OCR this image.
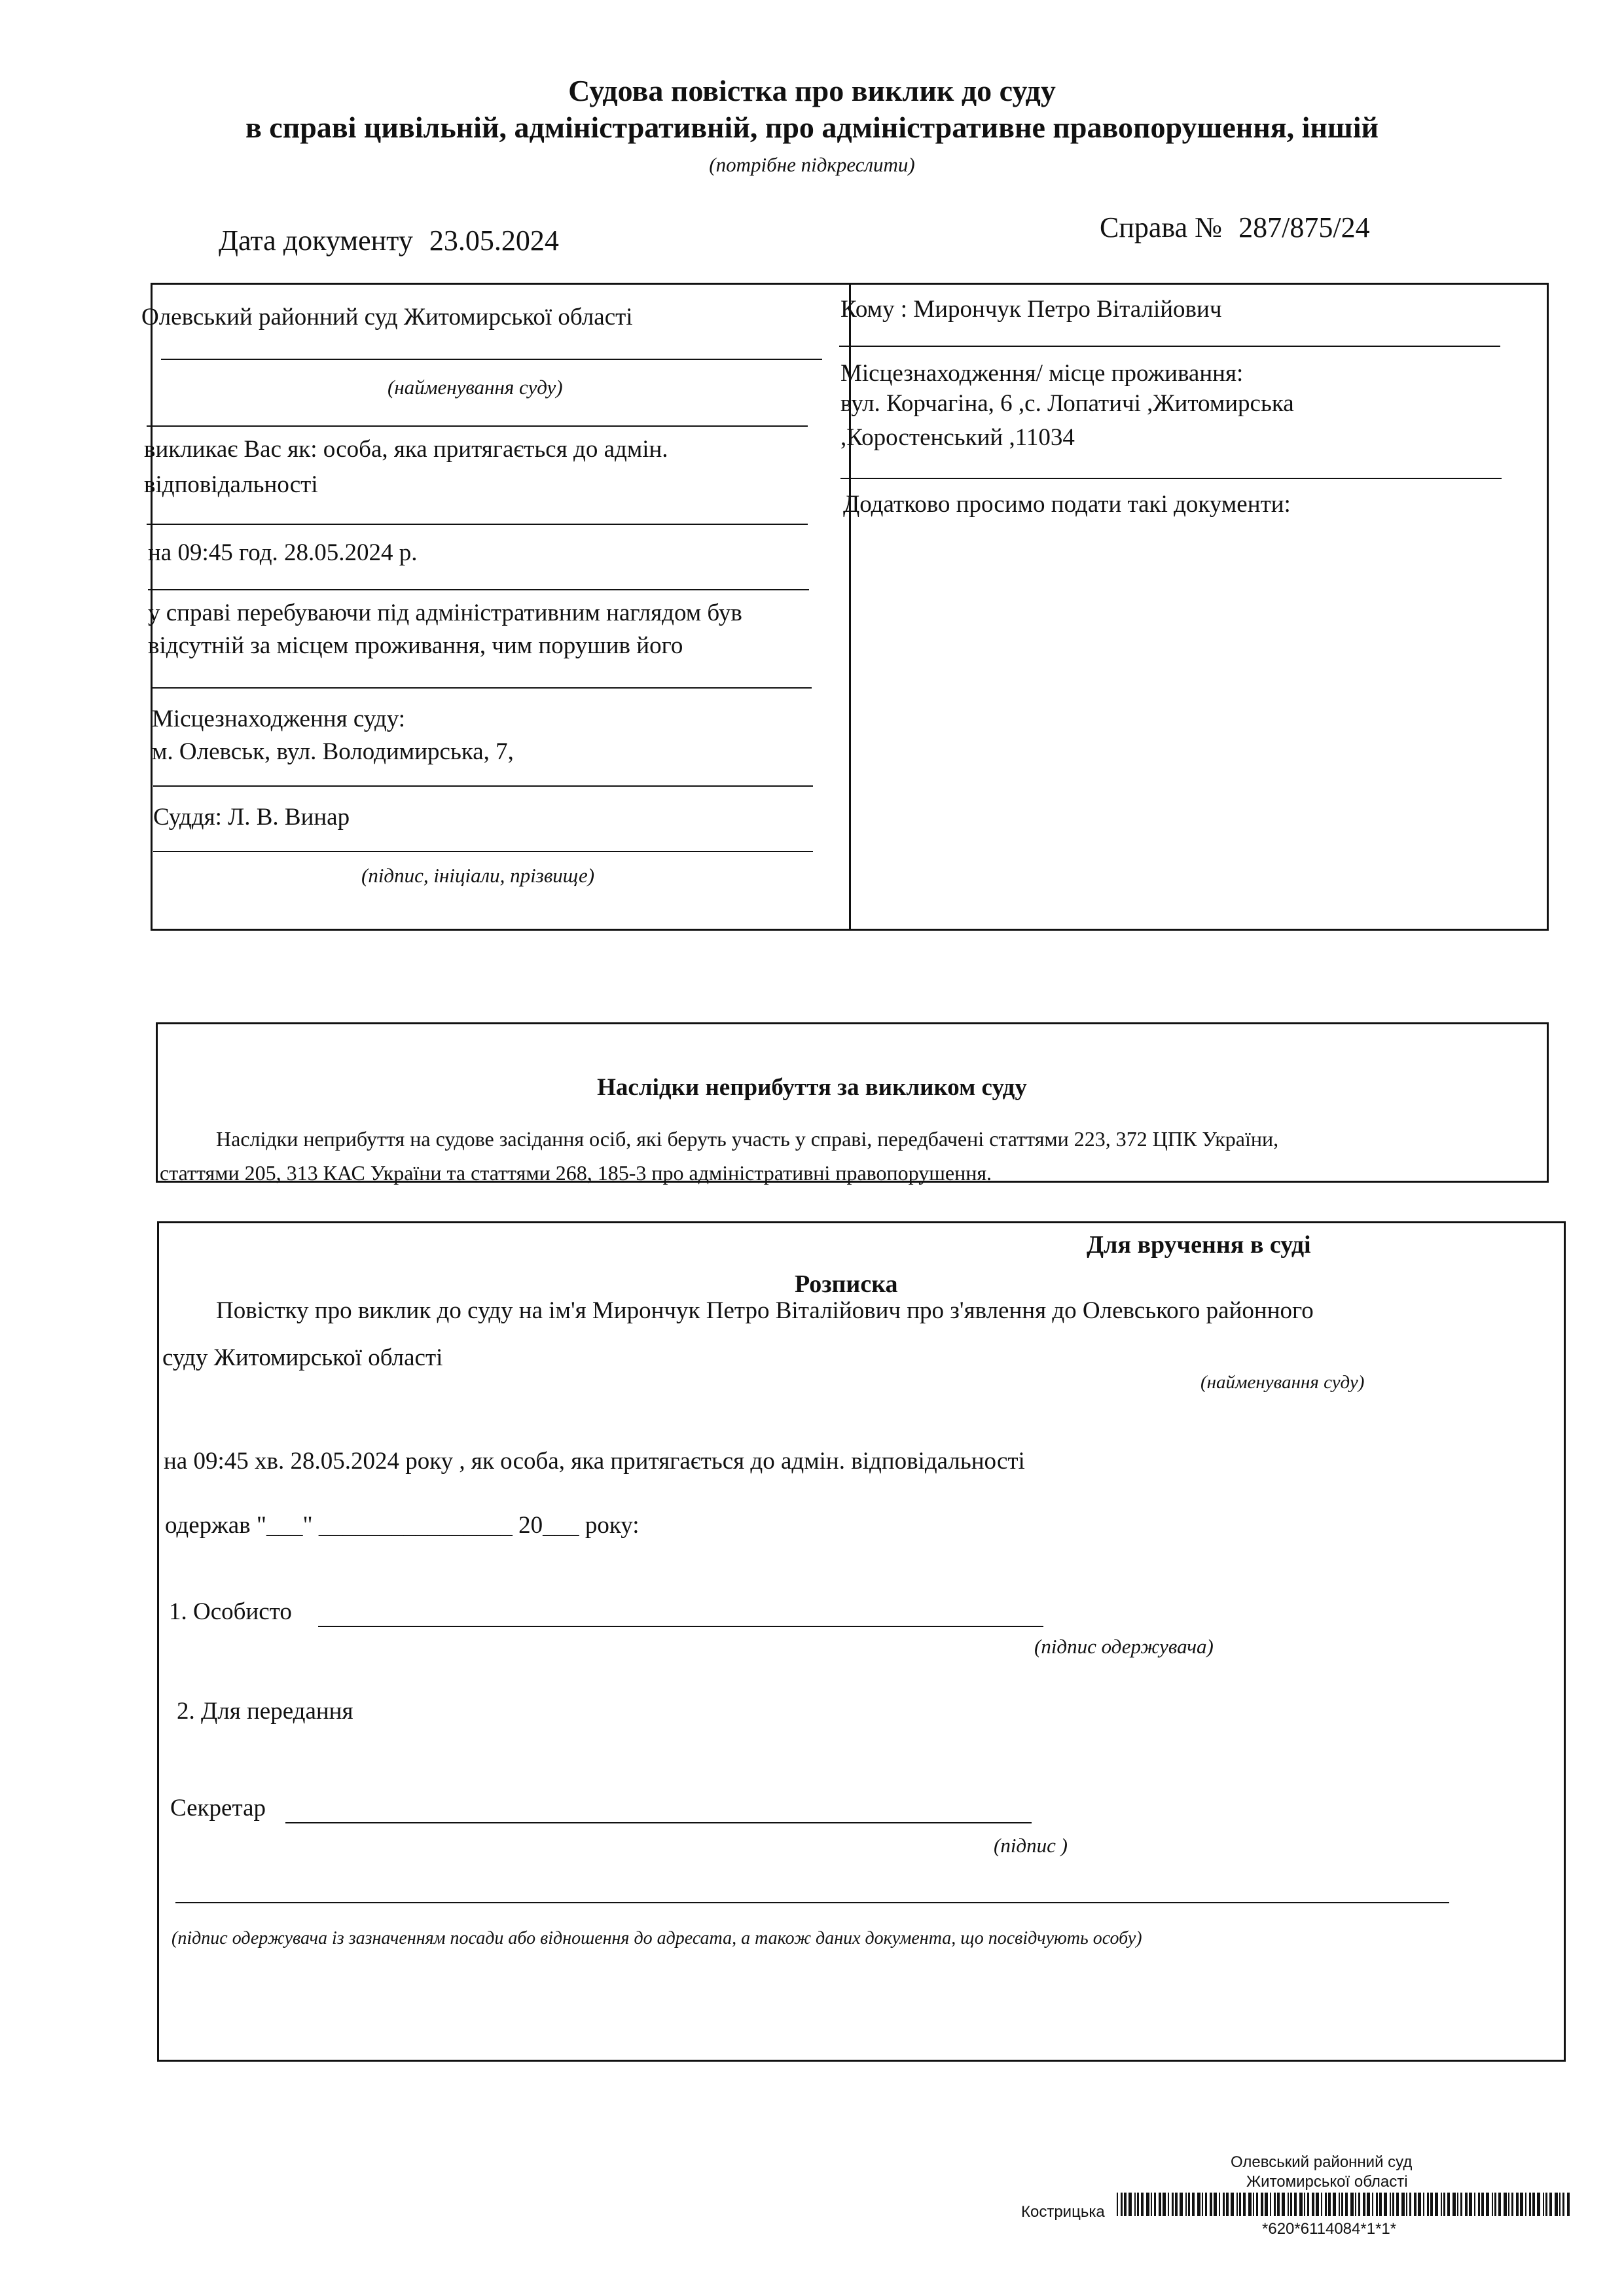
Судова повістка про виклик до суду
в справі цивільній, адміністративній, про адміністративне правопорушення, іншій
(потрібне підкреслити)
Дата документу 23.05.2024	Справа № 287/875/24
Олевський районний суд Житомирської області
(найменування суду)
викликає Вас як: особа, яка притягається до адмін.
відповідальності
на 09:45 год. 28.05.2024 р.
у справі перебуваючи під адміністративним наглядом був
відсутній за місцем проживання, чим порушив його
Місцезнаходження суду:
м. Олевськ, вул. Володимирська, 7,
Суддя: Л. В. Винар
(підпис, ініціали, прізвище)
Кому : Мирончук Петро Віталійович
Місцезнаходження/ місце проживання:
вул. Корчагіна, 6 ,с. Лопатичі ,Житомирська
,Коростенський ,11034
Додатково просимо подати такі документи:
Наслідки неприбуття за викликом суду
Наслідки неприбуття на судове засідання осіб, які беруть участь у справі, передбачені статтями 223, 372 ЦПК України,
статтями 205, 313 КАС України та статтями 268, 185-3 про адміністративні правопорушення.
Для вручення в суді
Розписка
Повістку про виклик до суду на ім'я Мирончук Петро Віталійович про з'явлення до Олевського районного
суду Житомирської області
(найменування суду)
на 09:45 хв. 28.05.2024 року , як особа, яка притягається до адмін. відповідальності
одержав "___" ________________ 20___ року:
1. Особисто
(підпис одержувача)
2. Для передання
Секретар
(підпис )
(підпис одержувача із зазначенням посади або відношення до адресата, а також даних документа, що посвідчують особу)
Олевський районний суд
Житомирської області
Кострицька
*620*6114084*1*1*
